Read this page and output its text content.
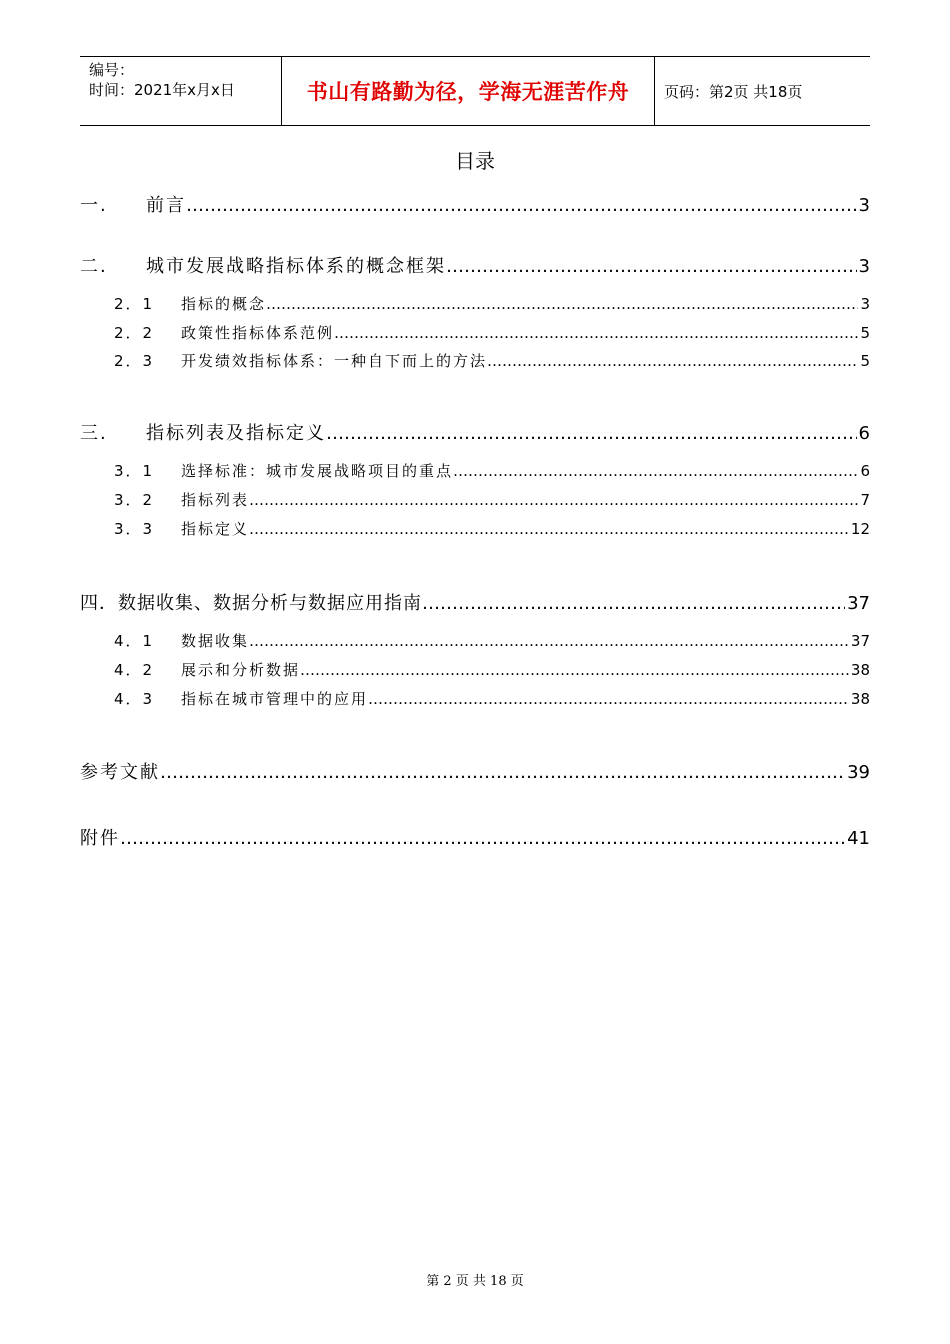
编号：
时间：2021年x月x日	书山有路勤为径，学海无涯苦作舟	页码：第2页 共18页
目录
一.	前言 ………………………………………………………………………………………………………………………………………………………………………………	3
二.	城市发展战略指标体系的概念框架 ………………………………………………………………………………………………………………………………………………………………………………	3
2．1	指标的概念 ………………………………………………………………………………………………………………………………………………………………………………	3
2．2	政策性指标体系范例 ………………………………………………………………………………………………………………………………………………………………………………	5
2．3	开发绩效指标体系：一种自下而上的方法 ………………………………………………………………………………………………………………………………………………………………………………	5
三.	指标列表及指标定义 ………………………………………………………………………………………………………………………………………………………………………………	6
3．1	选择标准：城市发展战略项目的重点 ………………………………………………………………………………………………………………………………………………………………………………	6
3．2	指标列表 ………………………………………………………………………………………………………………………………………………………………………………	7
3．3	指标定义 ………………………………………………………………………………………………………………………………………………………………………………	12
四．数据收集、数据分析与数据应用指南 ………………………………………………………………………………………………………………………………………………………………………………	37
4．1	数据收集 ………………………………………………………………………………………………………………………………………………………………………………	37
4．2	展示和分析数据 ………………………………………………………………………………………………………………………………………………………………………………	38
4．3	指标在城市管理中的应用 ………………………………………………………………………………………………………………………………………………………………………………	38
参考文献 ………………………………………………………………………………………………………………………………………………………………………………	39
附件 ………………………………………………………………………………………………………………………………………………………………………………	41
第 2 页 共 18 页
